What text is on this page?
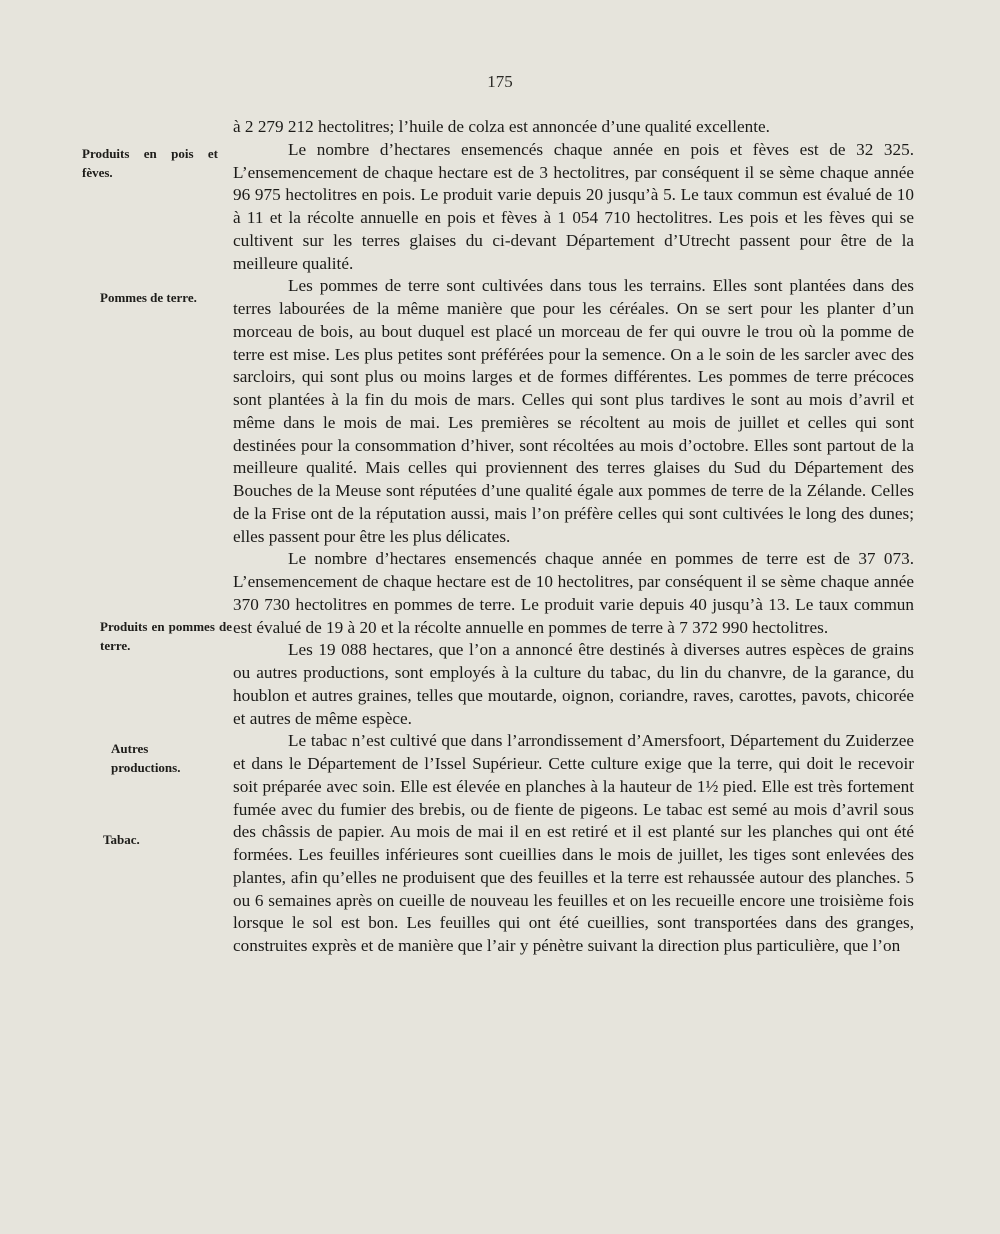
175
Produits en pois et fèves.
Pommes de terre.
Produits en pommes de terre.
Autres productions.
Tabac.

à 2 279 212 hectolitres; l’huile de colza est annoncée d’une qualité excellente.

Le nombre d’hectares ensemencés chaque année en pois et fèves est de 32 325. L’ensemencement de chaque hectare est de 3 hectolitres, par conséquent il se sème chaque année 96 975 hectolitres en pois. Le produit varie depuis 20 jusqu’à 5. Le taux commun est évalué de 10 à 11 et la récolte annuelle en pois et fèves à 1 054 710 hectolitres. Les pois et les fèves qui se cultivent sur les terres glaises du ci-devant Département d’Utrecht passent pour être de la meilleure qualité.

Les pommes de terre sont cultivées dans tous les terrains. Elles sont plantées dans des terres labourées de la même manière que pour les céréales. On se sert pour les planter d’un morceau de bois, au bout duquel est placé un morceau de fer qui ouvre le trou où la pomme de terre est mise. Les plus petites sont préférées pour la semence. On a le soin de les sarcler avec des sarcloirs, qui sont plus ou moins larges et de formes différentes. Les pommes de terre précoces sont plantées à la fin du mois de mars. Celles qui sont plus tardives le sont au mois d’avril et même dans le mois de mai. Les premières se récoltent au mois de juillet et celles qui sont destinées pour la consommation d’hiver, sont récoltées au mois d’octobre. Elles sont partout de la meilleure qualité. Mais celles qui proviennent des terres glaises du Sud du Département des Bouches de la Meuse sont réputées d’une qualité égale aux pommes de terre de la Zélande. Celles de la Frise ont de la réputation aussi, mais l’on préfère celles qui sont cultivées le long des dunes; elles passent pour être les plus délicates.

Le nombre d’hectares ensemencés chaque année en pommes de terre est de 37 073. L’ensemencement de chaque hectare est de 10 hectolitres, par conséquent il se sème chaque année 370 730 hectolitres en pommes de terre. Le produit varie depuis 40 jusqu’à 13. Le taux commun est évalué de 19 à 20 et la récolte annuelle en pommes de terre à 7 372 990 hectolitres.

Les 19 088 hectares, que l’on a annoncé être destinés à diverses autres espèces de grains ou autres productions, sont employés à la culture du tabac, du lin du chanvre, de la garance, du houblon et autres graines, telles que moutarde, oignon, coriandre, raves, carottes, pavots, chicorée et autres de même espèce.

Le tabac n’est cultivé que dans l’arrondissement d’Amersfoort, Département du Zuiderzee et dans le Département de l’Issel Supérieur. Cette culture exige que la terre, qui doit le recevoir soit préparée avec soin. Elle est élevée en planches à la hauteur de 1½ pied. Elle est très fortement fumée avec du fumier des brebis, ou de fiente de pigeons. Le tabac est semé au mois d’avril sous des châssis de papier. Au mois de mai il en est retiré et il est planté sur les planches qui ont été formées. Les feuilles inférieures sont cueillies dans le mois de juillet, les tiges sont enlevées des plantes, afin qu’elles ne produisent que des feuilles et la terre est rehaussée autour des planches. 5 ou 6 semaines après on cueille de nouveau les feuilles et on les recueille encore une troisième fois lorsque le sol est bon. Les feuilles qui ont été cueillies, sont transportées dans des granges, construites exprès et de manière que l’air y pénètre suivant la direction plus particulière, que l’on
